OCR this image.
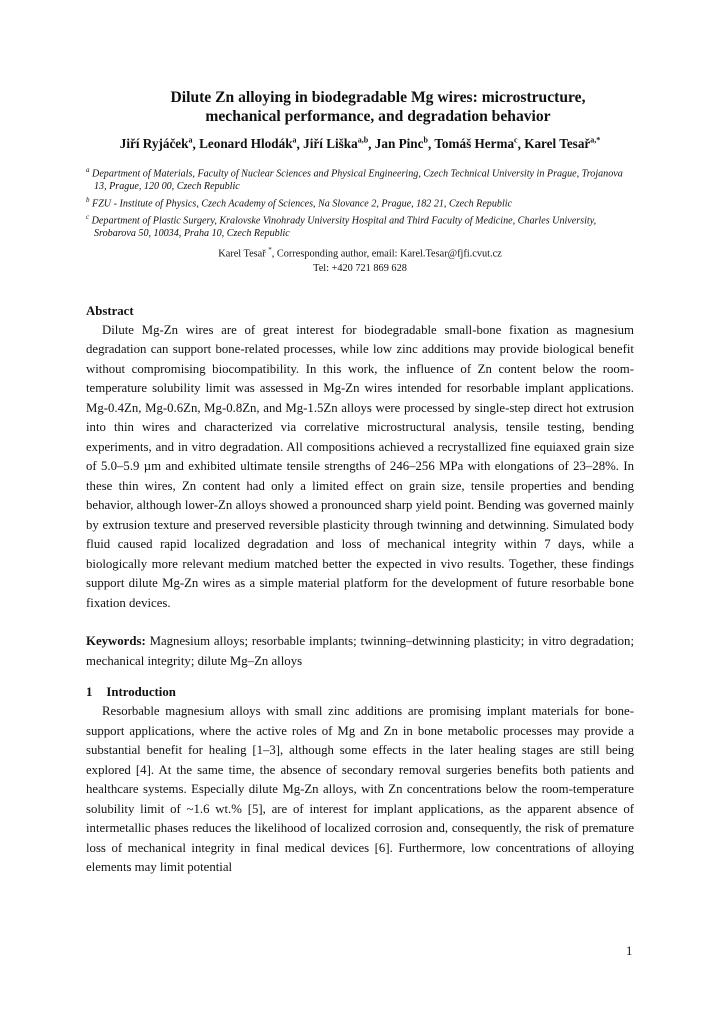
Dilute Zn alloying in biodegradable Mg wires: microstructure,
mechanical performance, and degradation behavior
Jiří Ryjáček$^a$, Leonard Hlodák$^a$, Jiří Liška$^{a,b}$, Jan Pinc$^b$, Tomáš Herma$^c$, Karel Tesař$^{a,*}$
$^a$ Department of Materials, Faculty of Nuclear Sciences and Physical Engineering, Czech Technical University in Prague, Trojanova 13, Prague, 120 00, Czech Republic
$^b$ FZU - Institute of Physics, Czech Academy of Sciences, Na Slovance 2, Prague, 182 21, Czech Republic
$^c$ Department of Plastic Surgery, Kralovske Vinohrady University Hospital and Third Faculty of Medicine, Charles University, Srobarova 50, 10034, Praha 10, Czech Republic
Karel Tesař *, Corresponding author, email: Karel.Tesar@fjfi.cvut.cz
Tel: +420 721 869 628
Abstract

Dilute Mg-Zn wires are of great interest for biodegradable small-bone fixation as magnesium degradation can support bone-related processes, while low zinc additions may provide biological benefit without compromising biocompatibility. In this work, the influence of Zn content below the room-temperature solubility limit was assessed in Mg-Zn wires intended for resorbable implant applications. Mg-0.4Zn, Mg-0.6Zn, Mg-0.8Zn, and Mg-1.5Zn alloys were processed by single-step direct hot extrusion into thin wires and characterized via correlative microstructural analysis, tensile testing, bending experiments, and in vitro degradation. All compositions achieved a recrystallized fine equiaxed grain size of 5.0–5.9 µm and exhibited ultimate tensile strengths of 246–256 MPa with elongations of 23–28%. In these thin wires, Zn content had only a limited effect on grain size, tensile properties and bending behavior, although lower-Zn alloys showed a pronounced sharp yield point. Bending was governed mainly by extrusion texture and preserved reversible plasticity through twinning and detwinning. Simulated body fluid caused rapid localized degradation and loss of mechanical integrity within 7 days, while a biologically more relevant medium matched better the expected in vivo results. Together, these findings support dilute Mg-Zn wires as a simple material platform for the development of future resorbable bone fixation devices.

Keywords: Magnesium alloys; resorbable implants; twinning–detwinning plasticity; in vitro degradation; mechanical integrity; dilute Mg–Zn alloys
1 Introduction

Resorbable magnesium alloys with small zinc additions are promising implant materials for bone-support applications, where the active roles of Mg and Zn in bone metabolic processes may provide a substantial benefit for healing [1–3], although some effects in the later healing stages are still being explored [4]. At the same time, the absence of secondary removal surgeries benefits both patients and healthcare systems. Especially dilute Mg-Zn alloys, with Zn concentrations below the room-temperature solubility limit of ~1.6 wt.% [5], are of interest for implant applications, as the apparent absence of intermetallic phases reduces the likelihood of localized corrosion and, consequently, the risk of premature loss of mechanical integrity in final medical devices [6]. Furthermore, low concentrations of alloying elements may limit potential

1
